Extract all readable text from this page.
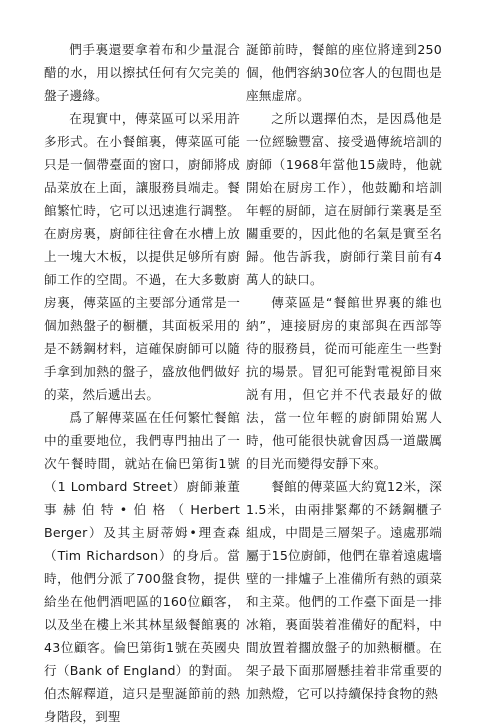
們手裏還要拿着布和少量混合醋的水，用以擦拭任何有欠完美的盤子邊緣。

在現實中，傳菜區可以采用許多形式。在小餐館裏，傳菜區可能只是一個帶臺面的窗口，廚師將成品菜放在上面，讓服務員端走。餐館繁忙時，它可以迅速進行調整。在廚房裏，廚師往往會在水槽上放上一塊大木板，以提供足够所有廚師工作的空間。不過，在大多數廚房裏，傳菜區的主要部分通常是一個加熱盤子的橱櫃，其面板采用的是不銹鋼材料，這確保廚師可以隨手拿到加熱的盤子，盛放他們做好的菜，然后遞出去。

爲了解傳菜區在任何繁忙餐館中的重要地位，我們専門抽出了一次午餐時間，就站在倫巴第街1號（1 Lombard Street）廚師兼董事赫伯特•伯格（Herbert Berger）及其主厨蒂姆•理查森（Tim Richardson）的身后。當時，他們分派了700盤食物，提供給坐在他們酒吧區的160位顧客，以及坐在樓上米其林星級餐館裏的43位顧客。倫巴第街1號在英國央行（Bank of England）的對面。伯杰解釋道，這只是聖誕節前的熱身階段，到聖

誕節前時，餐館的座位將達到250個，他們容納30位客人的包間也是座無虚席。

之所以選擇伯杰，是因爲他是一位經驗豐富、接受過傳統培訓的廚師（1968年當他15歲時，他就開始在厨房工作），他鼓勵和培訓年輕的厨師，這在厨師行業裏是至關重要的，因此他的名氣是實至名歸。他告訴我，廚師行業目前有4萬人的缺口。

傳菜區是“餐館世界裏的維也納”，連接厨房的東部與在西部等待的服務員，從而可能産生一些對抗的場景。冒犯可能對電視節目來説有用，但它并不代表最好的做法，當一位年輕的廚師開始駡人時，他可能很快就會因爲一道嚴厲的目光而變得安靜下來。

餐館的傳菜區大約寬12米，深1.5米，由兩排緊鄰的不銹鋼櫃子組成，中間是三層架子。遠處那端屬于15位廚師，他們在靠着遠處墻壁的一排爐子上准備所有熱的頭菜和主菜。他們的工作臺下面是一排冰箱，裏面裝着准備好的配料，中間放置着擱放盤子的加熱橱櫃。在架子最下面那層懸挂着非常重要的加熱燈，它可以持續保持食物的熱
